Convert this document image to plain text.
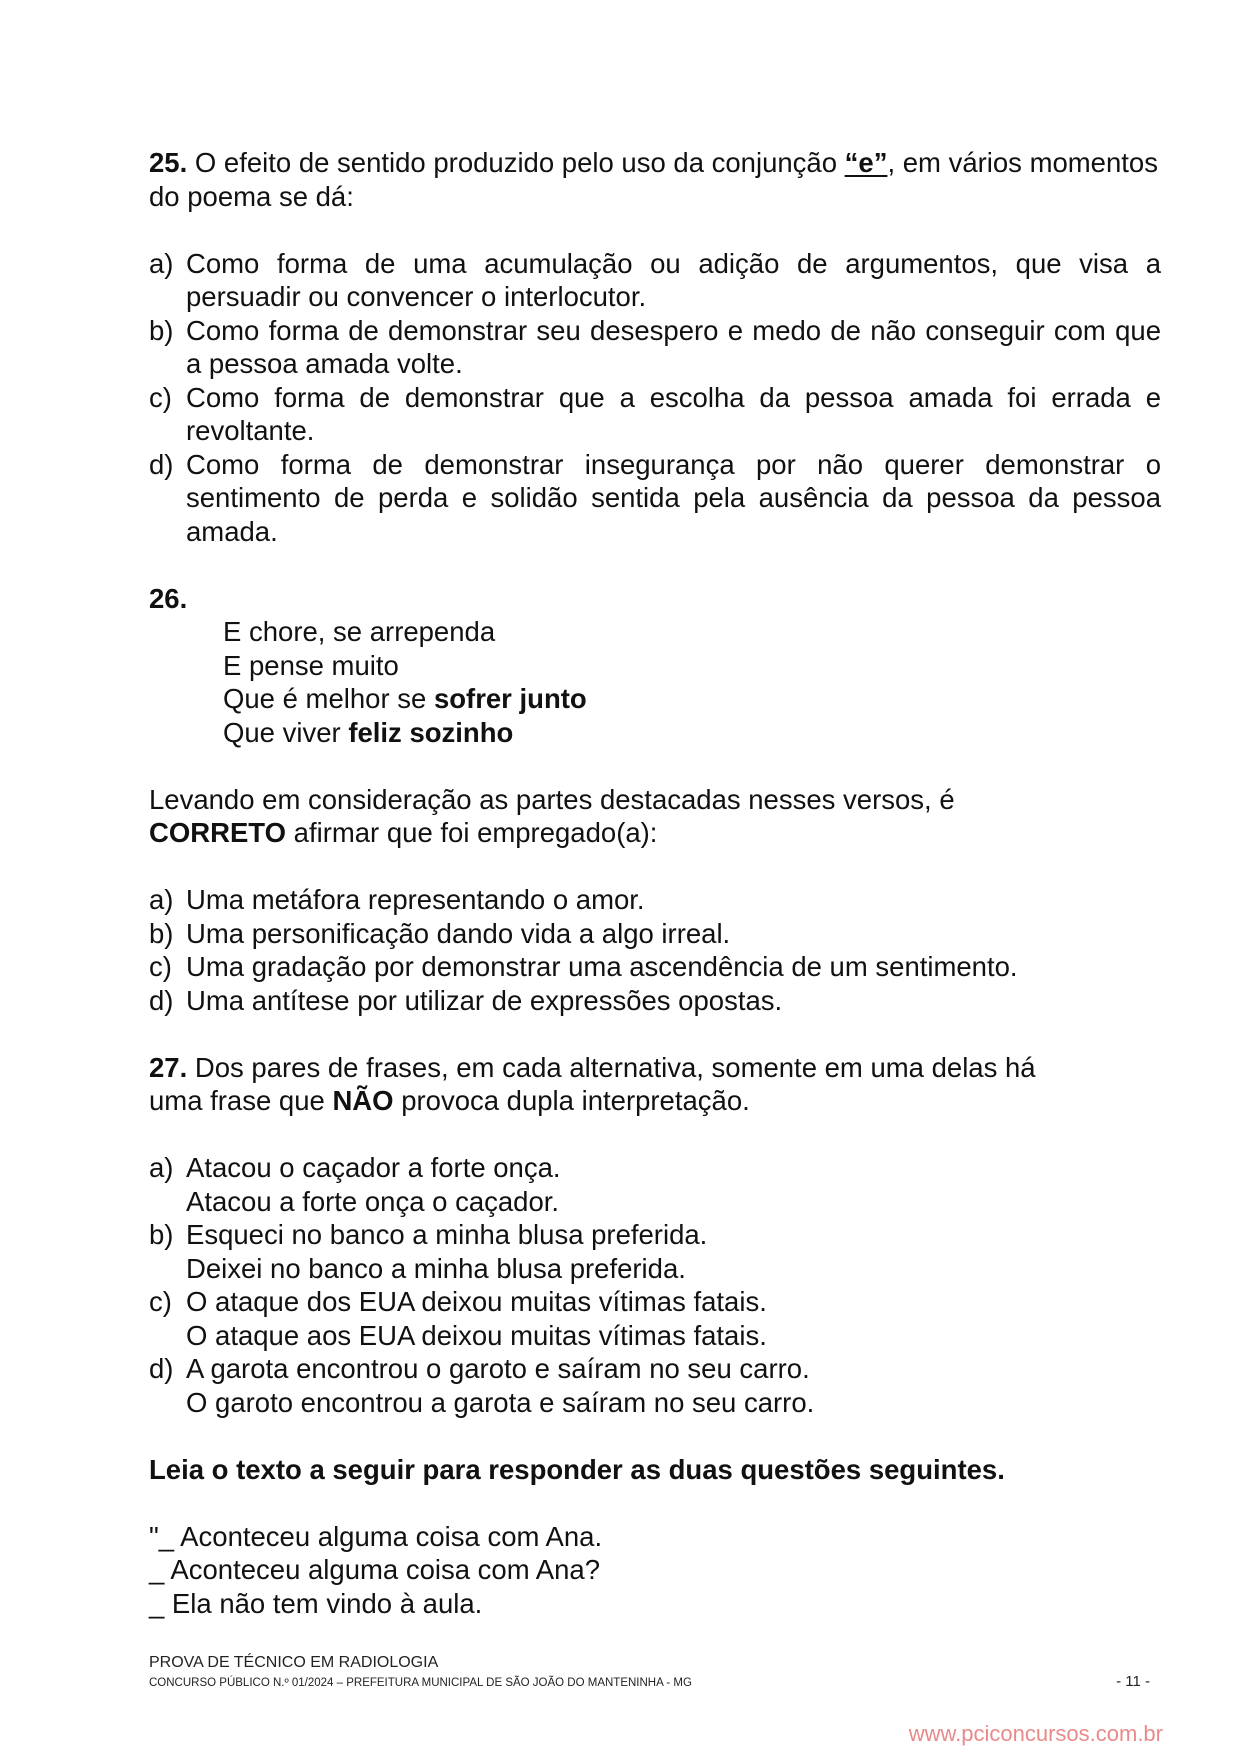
25. O efeito de sentido produzido pelo uso da conjunção “e”, em vários momentos do poema se dá:

a) Como forma de uma acumulação ou adição de argumentos, que visa a persuadir ou convencer o interlocutor.
b) Como forma de demonstrar seu desespero e medo de não conseguir com que a pessoa amada volte.
c) Como forma de demonstrar que a escolha da pessoa amada foi errada e revoltante.
d) Como forma de demonstrar insegurança por não querer demonstrar o sentimento de perda e solidão sentida pela ausência da pessoa da pessoa amada.

26.

E chore, se arrependa

E pense muito

Que é melhor se sofrer junto

Que viver feliz sozinho

Levando em consideração as partes destacadas nesses versos, é

CORRETO afirmar que foi empregado(a):

a) Uma metáfora representando o amor.
b) Uma personificação dando vida a algo irreal.
c) Uma gradação por demonstrar uma ascendência de um sentimento.
d) Uma antítese por utilizar de expressões opostas.

27. Dos pares de frases, em cada alternativa, somente em uma delas há

uma frase que NÃO provoca dupla interpretação.

a) Atacou o caçador a forte onça.
Atacou a forte onça o caçador.
b) Esqueci no banco a minha blusa preferida.
Deixei no banco a minha blusa preferida.
c) O ataque dos EUA deixou muitas vítimas fatais.
O ataque aos EUA deixou muitas vítimas fatais.
d) A garota encontrou o garoto e saíram no seu carro.
O garoto encontrou a garota e saíram no seu carro.

Leia o texto a seguir para responder as duas questões seguintes.

"_ Aconteceu alguma coisa com Ana.

_ Aconteceu alguma coisa com Ana?

_ Ela não tem vindo à aula.

PROVA DE TÉCNICO EM RADIOLOGIA
CONCURSO PÚBLICO N.º 01/2024 – PREFEITURA MUNICIPAL DE SÃO JOÃO DO MANTENINHA - MG	- 11 -
www.pciconcursos.com.br
